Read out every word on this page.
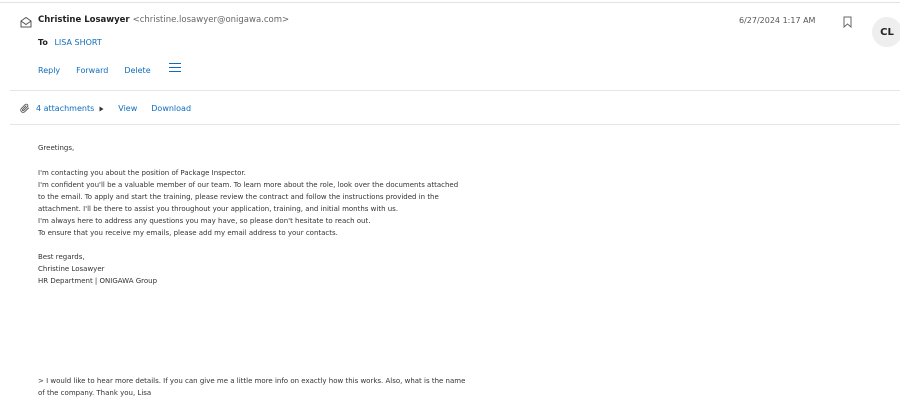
Christine Losawyer <christine.losawyer@onigawa.com>
To LISA SHORT
Reply Forward Delete
6/27/2024 1:17 AM
CL
4 attachments	View Download
Greetings,
I'm contacting you about the position of Package Inspector.
I'm confident you'll be a valuable member of our team. To learn more about the role, look over the documents attached
to the email. To apply and start the training, please review the contract and follow the instructions provided in the
attachment. I'll be there to assist you throughout your application, training, and initial months with us.
I'm always here to address any questions you may have, so please don't hesitate to reach out.
To ensure that you receive my emails, please add my email address to your contacts.
Best regards,
Christine Losawyer
HR Department | ONIGAWA Group
> I would like to hear more details. If you can give me a little more info on exactly how this works. Also, what is the name
of the company. Thank you, Lisa
